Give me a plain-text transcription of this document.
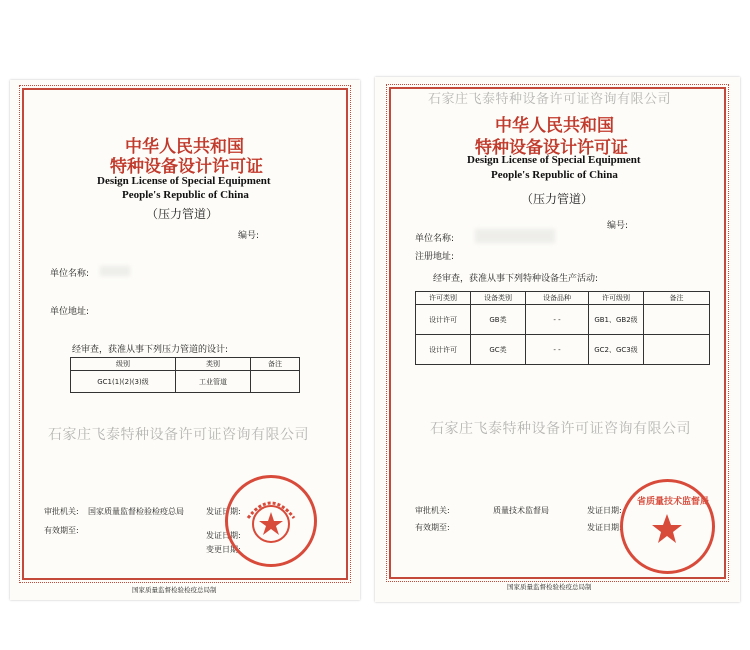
中华人民共和国
特种设备设计许可证
Design License of Special Equipment
People's Republic of China
（压力管道）
编号:
单位名称:
单位地址:
经审查，获准从事下列压力管道的设计:
级别	类别	备注
GC1(1)(2)(3)级	工业管道	
审批机关: 国家质量监督检验检疫总局	发证日期:
有效期至:
发证日期:
变更日期:
国家质量监督检验检疫总局制
中华人民共和国
特种设备设计许可证
Design License of Special Equipment
People's Republic of China
（压力管道）
编号:
单位名称:
注册地址:
经审查，获准从事下列特种设备生产活动:
许可类别	设备类别	设备品种	许可级别	备注
设计许可	GB类	- -	GB1、GB2级	
设计许可	GC类	- -	GC2、GC3级	
审批机关:	质量技术监督局	发证日期:
有效期至:	发证日期:
省质量技术监督局
国家质量监督检验检疫总局制
石家庄飞泰特种设备许可证咨询有限公司
石家庄飞泰特种设备许可证咨询有限公司	石家庄飞泰特种设备许可证咨询有限公司
